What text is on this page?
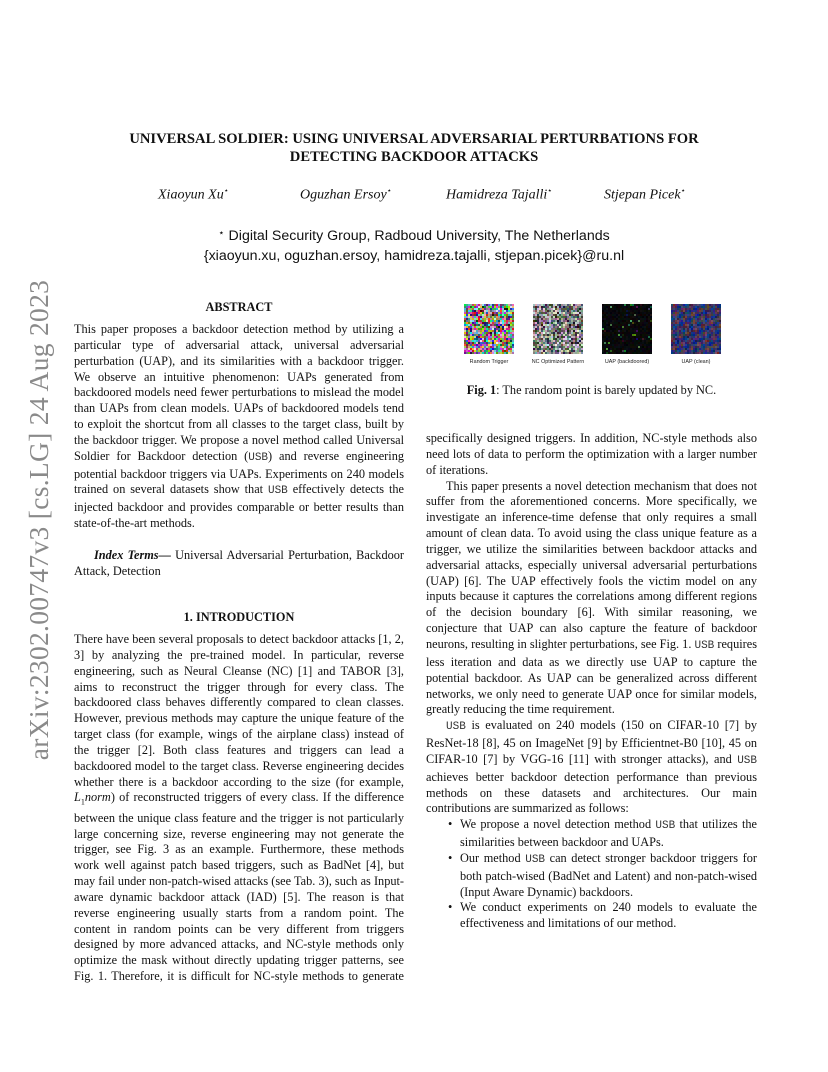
arXiv:2302.00747v3 [cs.LG] 24 Aug 2023
UNIVERSAL SOLDIER: USING UNIVERSAL ADVERSARIAL PERTURBATIONS FOR
DETECTING BACKDOOR ATTACKS
Xiaoyun Xu⋆	Oguzhan Ersoy⋆	Hamidreza Tajalli⋆	Stjepan Picek⋆
⋆ Digital Security Group, Radboud University, The Netherlands
{xiaoyun.xu, oguzhan.ersoy, hamidreza.tajalli, stjepan.picek}@ru.nl
ABSTRACT

This paper proposes a backdoor detection method by utilizing a particular type of adversarial attack, universal adversarial perturbation (UAP), and its similarities with a backdoor trigger. We observe an intuitive phenomenon: UAPs generated from backdoored models need fewer perturbations to mislead the model than UAPs from clean models. UAPs of backdoored models tend to exploit the shortcut from all classes to the target class, built by the backdoor trigger. We propose a novel method called Universal Soldier for Backdoor detection (USB) and reverse engineering potential backdoor triggers via UAPs. Experiments on 240 models trained on several datasets show that USB effectively detects the injected backdoor and provides comparable or better results than state-of-the-art methods.

Index Terms— Universal Adversarial Perturbation, Backdoor Attack, Detection

1. INTRODUCTION

There have been several proposals to detect backdoor attacks [1, 2, 3] by analyzing the pre-trained model. In particular, reverse engineering, such as Neural Cleanse (NC) [1] and TABOR [3], aims to reconstruct the trigger through for every class. The backdoored class behaves differently compared to clean classes. However, previous methods may capture the unique feature of the target class (for example, wings of the airplane class) instead of the trigger [2]. Both class features and triggers can lead a backdoored model to the target class. Reverse engineering decides whether there is a backdoor according to the size (for example, $L_1norm$) of reconstructed triggers of every class. If the difference between the unique class feature and the trigger is not particularly large concerning size, reverse engineering may not generate the trigger, see Fig. 3 as an example. Furthermore, these methods work well against patch based triggers, such as BadNet [4], but may fail under non-patch-wised attacks (see Tab. 3), such as Input-aware dynamic backdoor attack (IAD) [5]. The reason is that reverse engineering usually starts from a random point. The content in random points can be very different from triggers designed by more advanced attacks, and NC-style methods only optimize the mask without directly updating trigger patterns, see Fig. 1. Therefore, it is difficult for NC-style methods to generate

Random Trigger	NC Optimized Pattern	UAP (backdoored)	UAP (clean)
Fig. 1: The random point is barely updated by NC.

specifically designed triggers. In addition, NC-style methods also need lots of data to perform the optimization with a larger number of iterations.

This paper presents a novel detection mechanism that does not suffer from the aforementioned concerns. More specifically, we investigate an inference-time defense that only requires a small amount of clean data. To avoid using the class unique feature as a trigger, we utilize the similarities between backdoor attacks and adversarial attacks, especially universal adversarial perturbations (UAP) [6]. The UAP effectively fools the victim model on any inputs because it captures the correlations among different regions of the decision boundary [6]. With similar reasoning, we conjecture that UAP can also capture the feature of backdoor neurons, resulting in slighter perturbations, see Fig. 1. USB requires less iteration and data as we directly use UAP to capture the potential backdoor. As UAP can be generalized across different networks, we only need to generate UAP once for similar models, greatly reducing the time requirement.

USB is evaluated on 240 models (150 on CIFAR-10 [7] by ResNet-18 [8], 45 on ImageNet [9] by Efficientnet-B0 [10], 45 on CIFAR-10 [7] by VGG-16 [11] with stronger attacks), and USB achieves better backdoor detection performance than previous methods on these datasets and architectures. Our main contributions are summarized as follows:

• We propose a novel detection method USB that utilizes the similarities between backdoor and UAPs.
• Our method USB can detect stronger backdoor triggers for both patch-wised (BadNet and Latent) and non-patch-wised (Input Aware Dynamic) backdoors.
• We conduct experiments on 240 models to evaluate the effectiveness and limitations of our method.
